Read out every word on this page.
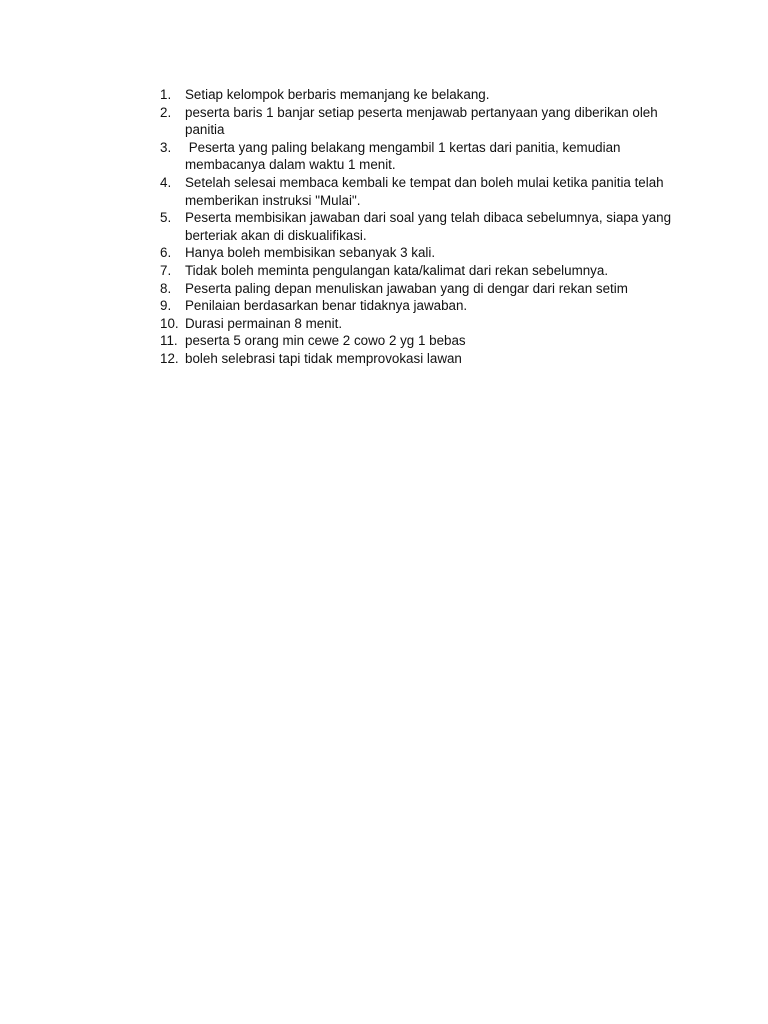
1.	Setiap kelompok berbaris memanjang ke belakang.
2.	peserta baris 1 banjar setiap peserta menjawab pertanyaan yang diberikan oleh panitia
3.	Peserta yang paling belakang mengambil 1 kertas dari panitia, kemudian membacanya dalam waktu 1 menit.
4.	Setelah selesai membaca kembali ke tempat dan boleh mulai ketika panitia telah memberikan instruksi "Mulai".
5.	Peserta membisikan jawaban dari soal yang telah dibaca sebelumnya, siapa yang berteriak akan di diskualifikasi.
6.	Hanya boleh membisikan sebanyak 3 kali.
7.	Tidak boleh meminta pengulangan kata/kalimat dari rekan sebelumnya.
8.	Peserta paling depan menuliskan jawaban yang di dengar dari rekan setim
9.	Penilaian berdasarkan benar tidaknya jawaban.
10. Durasi permainan 8 menit.
11. peserta 5 orang min cewe 2 cowo 2 yg 1 bebas
12. boleh selebrasi tapi tidak memprovokasi lawan
